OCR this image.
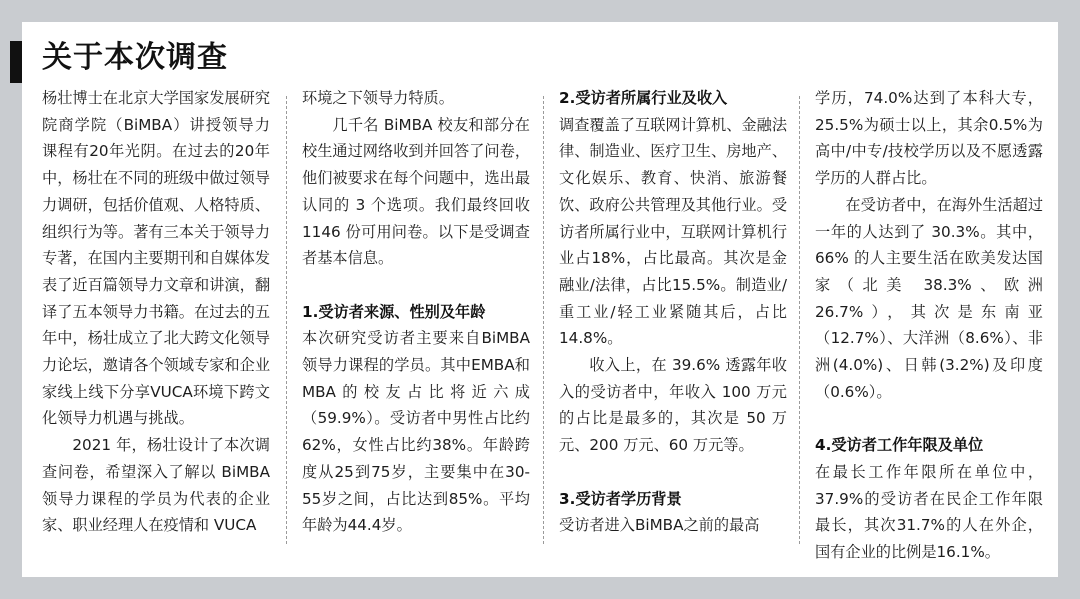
关于本次调查

杨壮博士在北京大学国家发展研究院商学院（BiMBA）讲授领导力课程有20年光阴。在过去的20年中，杨壮在不同的班级中做过领导力调研，包括价值观、人格特质、组织行为等。著有三本关于领导力专著，在国内主要期刊和自媒体发表了近百篇领导力文章和讲演，翻译了五本领导力书籍。在过去的五年中，杨壮成立了北大跨文化领导力论坛，邀请各个领域专家和企业家线上线下分享VUCA环境下跨文化领导力机遇与挑战。

2021 年，杨壮设计了本次调查问卷，希望深入了解以 BiMBA 领导力课程的学员为代表的企业家、职业经理人在疫情和 VUCA

环境之下领导力特质。

几千名 BiMBA 校友和部分在校生通过网络收到并回答了问卷，他们被要求在每个问题中，选出最认同的 3 个选项。我们最终回收 1146 份可用问卷。以下是受调查者基本信息。

1.受访者来源、性别及年龄

本次研究受访者主要来自BiMBA领导力课程的学员。其中EMBA和MBA的校友占比将近六成（59.9%）。受访者中男性占比约62%，女性占比约38%。年龄跨度从25到75岁，主要集中在30-55岁之间，占比达到85%。平均年龄为44.4岁。

2.受访者所属行业及收入

调查覆盖了互联网计算机、金融法律、制造业、医疗卫生、房地产、文化娱乐、教育、快消、旅游餐饮、政府公共管理及其他行业。受访者所属行业中，互联网计算机行业占18%，占比最高。其次是金融业/法律，占比15.5%。制造业/重工业/轻工业紧随其后，占比14.8%。

收入上，在 39.6% 透露年收入的受访者中，年收入 100 万元的占比是最多的，其次是 50 万元、200 万元、60 万元等。

3.受访者学历背景

受访者进入BiMBA之前的最高

学历，74.0%达到了本科大专，25.5%为硕士以上，其余0.5%为高中/中专/技校学历以及不愿透露学历的人群占比。

在受访者中，在海外生活超过一年的人达到了 30.3%。其中，66% 的人主要生活在欧美发达国家（北美 38.3%、欧洲 26.7%），其次是东南亚（12.7%）、大洋洲（8.6%）、非洲(4.0%)、日韩(3.2%)及印度（0.6%）。

4.受访者工作年限及单位

在最长工作年限所在单位中，37.9%的受访者在民企工作年限最长，其次31.7%的人在外企，国有企业的比例是16.1%。
